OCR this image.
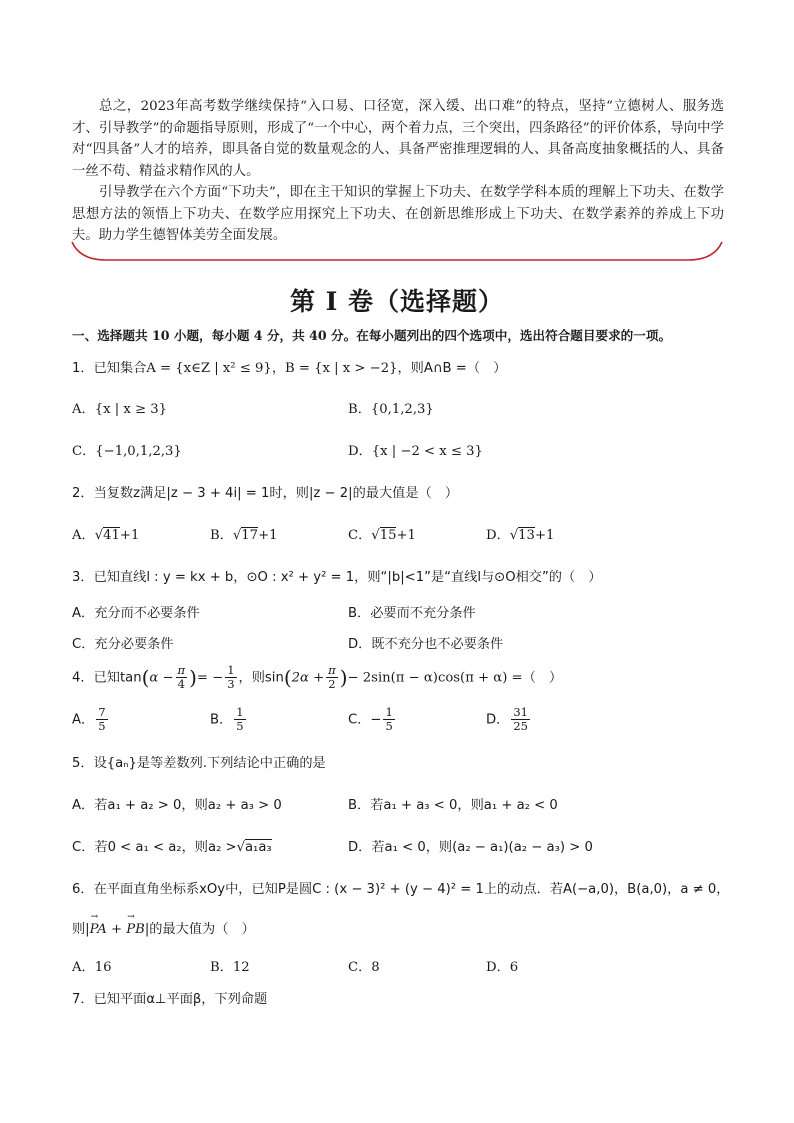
总之，2023年高考数学继续保持“入口易、口径宽，深入缓、出口难”的特点，坚持“立德树人、服务选才、引导教学”的命题指导原则，形成了“一个中心，两个着力点，三个突出，四条路径”的评价体系，导向中学对“四具备”人才的培养，即具备自觉的数量观念的人、具备严密推理逻辑的人、具备高度抽象概括的人、具备一丝不苟、精益求精作风的人。

引导教学在六个方面“下功夫”，即在主干知识的掌握上下功夫、在数学学科本质的理解上下功夫、在数学思想方法的领悟上下功夫、在数学应用探究上下功夫、在创新思维形成上下功夫、在数学素养的养成上下功夫。助力学生德智体美劳全面发展。

第 I 卷（选择题）
一、选择题共 10 小题，每小题 4 分，共 40 分。在每小题列出的四个选项中，选出符合题目要求的一项。
1．已知集合A = {x∈Z | x² ≤ 9}，B = {x | x > −2}，则A∩B =（　）
A．{x | x ≥ 3}	B．{0,1,2,3}
C．{−1,0,1,2,3}	D．{x | −2 < x ≤ 3}
2．当复数z满足|z − 3 + 4i| = 1时，则|z − 2|的最大值是（　）
A．√41+1	B．√17+1	C．√15+1	D．√13+1
3．已知直线l : y = kx + b，⊙O : x² + y² = 1，则“|b|<1”是“直线l与⊙O相交”的（　）
A．充分而不必要条件	B．必要而不充分条件
C．充分必要条件	D．既不充分也不必要条件
4．已知$\tan(\alpha - \frac{\pi}{4}$ )= − $\frac{1}{3}$ ，则$\sin(2\alpha + \frac{\pi}{2}$ )− 2sin(π − α)cos(π + α) =（　）
A． $\frac{7}{5}$	B． $\frac{1}{5}$	C．− $\frac{1}{5}$	D． $\frac{31}{25}$
5．设{aₙ}是等差数列.下列结论中正确的是
A．若a₁ + a₂ > 0，则a₂ + a₃ > 0	B．若a₁ + a₃ < 0，则a₁ + a₂ < 0
C．若0 < a₁ < a₂，则a₂ >√a₁a₃	D．若a₁ < 0，则(a₂ − a₁)(a₂ − a₃) > 0
6．在平面直角坐标系xOy中，已知P是圆C : (x − 3)² + (y − 4)² = 1上的动点．若A(−a,0)，B(a,0)，a ≠ 0，
则|→ PA + → PB|的最大值为（　）
A．16	B．12	C．8	D．6
7．已知平面α⊥平面β，下列命题
